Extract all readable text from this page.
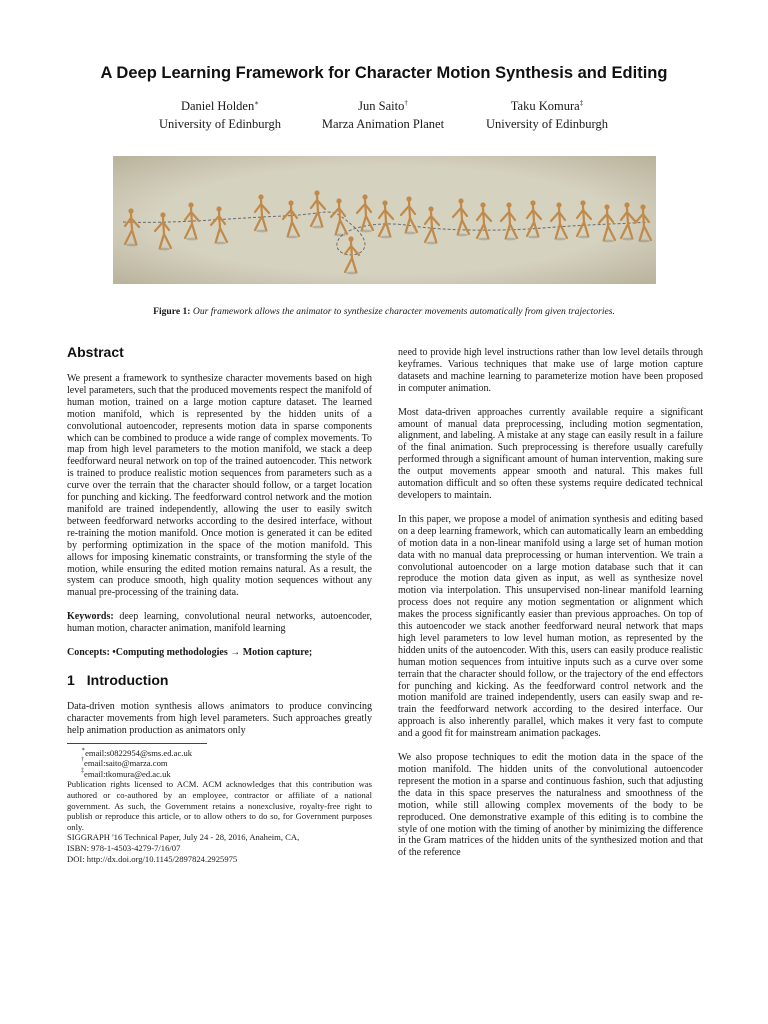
A Deep Learning Framework for Character Motion Synthesis and Editing
Daniel Holden∗
University of Edinburgh
Jun Saito†
Marza Animation Planet
Taku Komura‡
University of Edinburgh
Figure 1: Our framework allows the animator to synthesize character movements automatically from given trajectories.
Abstract

We present a framework to synthesize character movements based on high level parameters, such that the produced movements respect the manifold of human motion, trained on a large motion capture dataset. The learned motion manifold, which is represented by the hidden units of a convolutional autoencoder, represents motion data in sparse components which can be combined to produce a wide range of complex movements. To map from high level parameters to the motion manifold, we stack a deep feedforward neural network on top of the trained autoencoder. This network is trained to produce realistic motion sequences from parameters such as a curve over the terrain that the character should follow, or a target location for punching and kicking. The feedforward control network and the motion manifold are trained independently, allowing the user to easily switch between feedforward networks according to the desired interface, without re-training the motion manifold. Once motion is generated it can be edited by performing optimization in the space of the motion manifold. This allows for imposing kinematic constraints, or transforming the style of the motion, while ensuring the edited motion remains natural. As a result, the system can produce smooth, high quality motion sequences without any manual pre-processing of the training data.

Keywords: deep learning, convolutional neural networks, autoencoder, human motion, character animation, manifold learning

Concepts: •Computing methodologies → Motion capture;

1 Introduction

Data-driven motion synthesis allows animators to produce convincing character movements from high level parameters. Such approaches greatly help animation production as animators only

∗email:s0822954@sms.ed.ac.uk
†email:saito@marza.com
‡email:tkomura@ed.ac.uk

Publication rights licensed to ACM. ACM acknowledges that this contribution was authored or co-authored by an employee, contractor or affiliate of a national government. As such, the Government retains a nonexclusive, royalty-free right to publish or reproduce this article, or to allow others to do so, for Government purposes only.

SIGGRAPH '16 Technical Paper, July 24 - 28, 2016, Anaheim, CA,
ISBN: 978-1-4503-4279-7/16/07
DOI: http://dx.doi.org/10.1145/2897824.2925975

need to provide high level instructions rather than low level details through keyframes. Various techniques that make use of large motion capture datasets and machine learning to parameterize motion have been proposed in computer animation.

Most data-driven approaches currently available require a significant amount of manual data preprocessing, including motion segmentation, alignment, and labeling. A mistake at any stage can easily result in a failure of the final animation. Such preprocessing is therefore usually carefully performed through a significant amount of human intervention, making sure the output movements appear smooth and natural. This makes full automation difficult and so often these systems require dedicated technical developers to maintain.

In this paper, we propose a model of animation synthesis and editing based on a deep learning framework, which can automatically learn an embedding of motion data in a non-linear manifold using a large set of human motion data with no manual data preprocessing or human intervention. We train a convolutional autoencoder on a large motion database such that it can reproduce the motion data given as input, as well as synthesize novel motion via interpolation. This unsupervised non-linear manifold learning process does not require any motion segmentation or alignment which makes the process significantly easier than previous approaches. On top of this autoencoder we stack another feedforward neural network that maps high level parameters to low level human motion, as represented by the hidden units of the autoencoder. With this, users can easily produce realistic human motion sequences from intuitive inputs such as a curve over some terrain that the character should follow, or the trajectory of the end effectors for punching and kicking. As the feedforward control network and the motion manifold are trained independently, users can easily swap and re-train the feedforward network according to the desired interface. Our approach is also inherently parallel, which makes it very fast to compute and a good fit for mainstream animation packages.

We also propose techniques to edit the motion data in the space of the motion manifold. The hidden units of the convolutional autoencoder represent the motion in a sparse and continuous fashion, such that adjusting the data in this space preserves the naturalness and smoothness of the motion, while still allowing complex movements of the body to be reproduced. One demonstrative example of this editing is to combine the style of one motion with the timing of another by minimizing the difference in the Gram matrices of the hidden units of the synthesized motion and that of the reference
